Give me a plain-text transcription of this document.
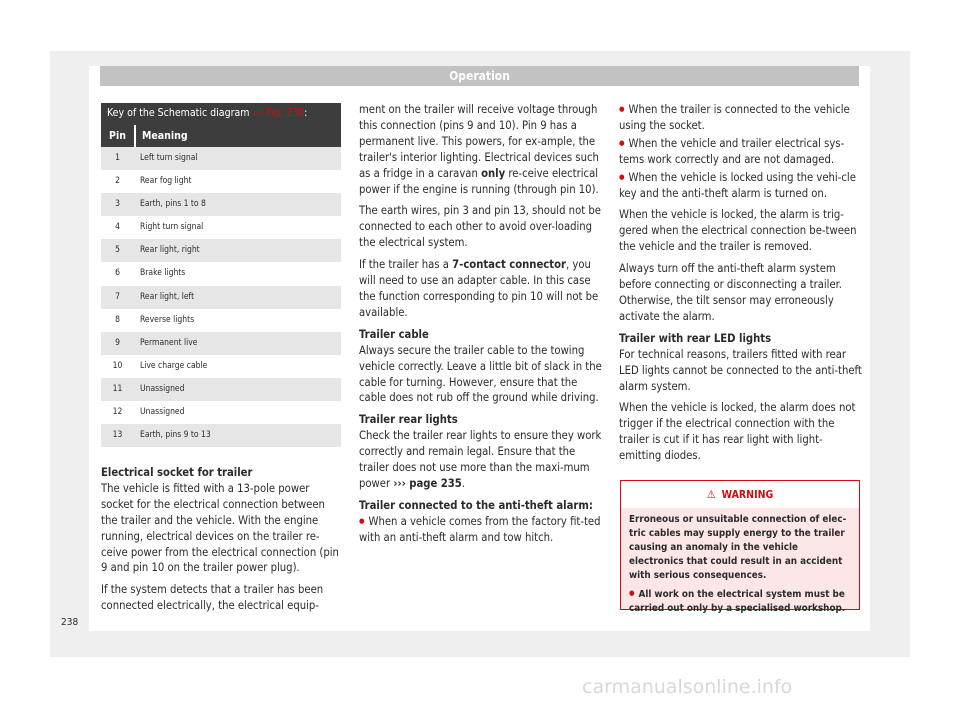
Operation
Key of the Schematic diagram ››› Fig. 230:
Pin	Meaning
1	Left turn signal
2	Rear fog light
3	Earth, pins 1 to 8
4	Right turn signal
5	Rear light, right
6	Brake lights
7	Rear light, left
8	Reverse lights
9	Permanent live
10	Live charge cable
11	Unassigned
12	Unassigned
13	Earth, pins 9 to 13

Electrical socket for trailer

The vehicle is fitted with a 13-pole power socket for the electrical connection between the trailer and the vehicle. With the engine running, electrical devices on the trailer re-ceive power from the electrical connection (pin 9 and pin 10 on the trailer power plug).

If the system detects that a trailer has been connected electrically, the electrical equip-

ment on the trailer will receive voltage through this connection (pins 9 and 10). Pin 9 has a permanent live. This powers, for ex-ample, the trailer's interior lighting. Electrical devices such as a fridge in a caravan only re-ceive electrical power if the engine is running (through pin 10).

The earth wires, pin 3 and pin 13, should not be connected to each other to avoid over-loading the electrical system.

If the trailer has a 7-contact connector, you will need to use an adapter cable. In this case the function corresponding to pin 10 will not be available.

Trailer cable

Always secure the trailer cable to the towing vehicle correctly. Leave a little bit of slack in the cable for turning. However, ensure that the cable does not rub off the ground while driving.

Trailer rear lights

Check the trailer rear lights to ensure they work correctly and remain legal. Ensure that the trailer does not use more than the maxi-mum power ››› page 235.

Trailer connected to the anti-theft alarm:

● When a vehicle comes from the factory fit-ted with an anti-theft alarm and tow hitch.

● When the trailer is connected to the vehicle using the socket.

● When the vehicle and trailer electrical sys-tems work correctly and are not damaged.

● When the vehicle is locked using the vehi-cle key and the anti-theft alarm is turned on.

When the vehicle is locked, the alarm is trig-gered when the electrical connection be-tween the vehicle and the trailer is removed.

Always turn off the anti-theft alarm system before connecting or disconnecting a trailer. Otherwise, the tilt sensor may erroneously activate the alarm.

Trailer with rear LED lights

For technical reasons, trailers fitted with rear LED lights cannot be connected to the anti-theft alarm system.

When the vehicle is locked, the alarm does not trigger if the electrical connection with the trailer is cut if it has rear light with light-emitting diodes.

⚠ WARNING

Erroneous or unsuitable connection of elec-tric cables may supply energy to the trailer causing an anomaly in the vehicle electronics that could result in an accident with serious consequences.

● All work on the electrical system must be carried out only by a specialised workshop.

238
carmanualsonline.info
